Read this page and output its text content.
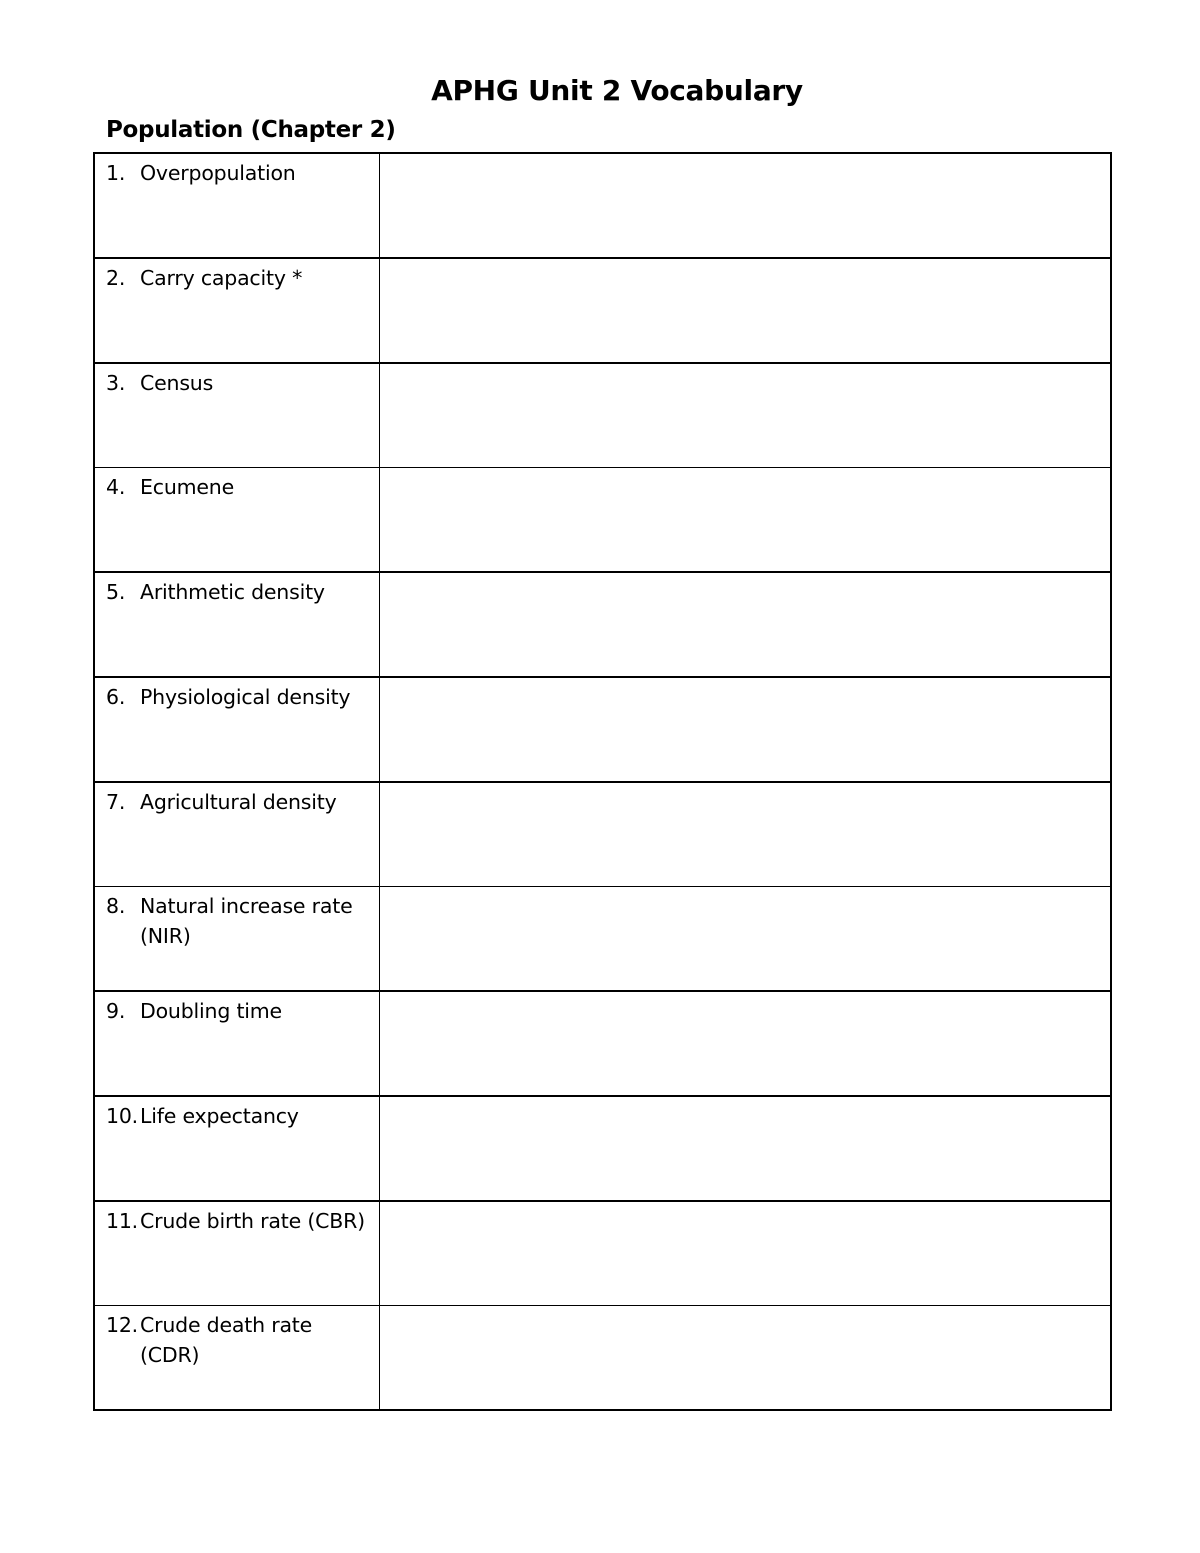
APHG Unit 2 Vocabulary
Population (Chapter 2)
1. Overpopulation	

2. Carry capacity *	

3. Census	

4. Ecumene	

5. Arithmetic density	

6. Physiological density	

7. Agricultural density	

8. Natural increase rate (NIR)	

9. Doubling time	

10. Life expectancy	

11. Crude birth rate (CBR)	

12. Crude death rate (CDR)	
